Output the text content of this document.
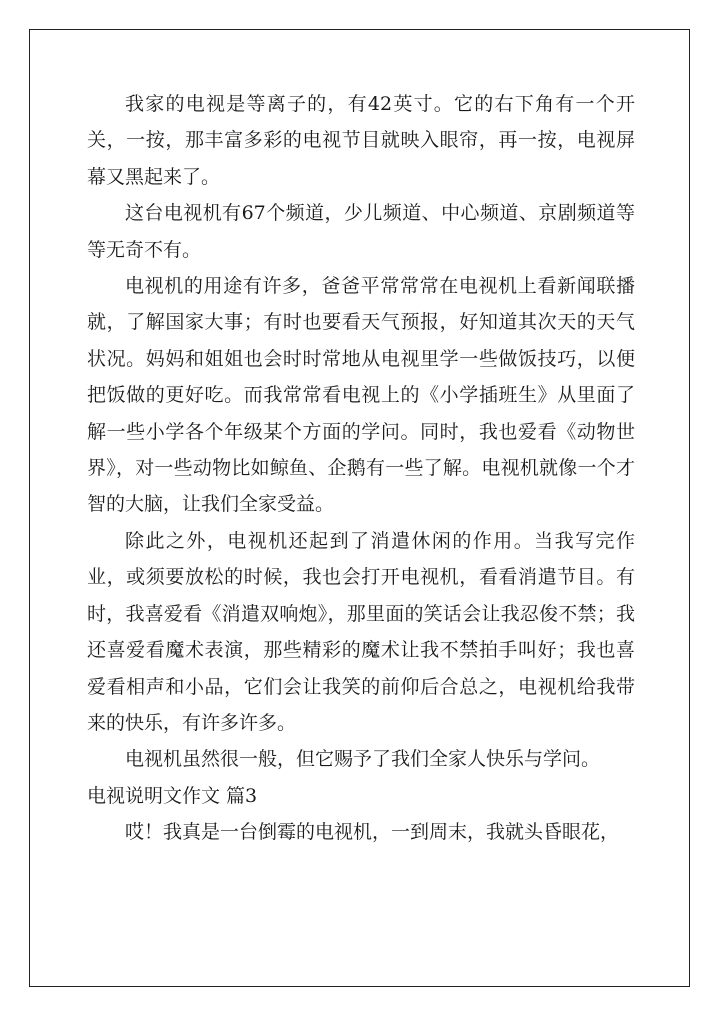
我家的电视是等离子的，有42英寸。它的右下角有一个开关，一按，那丰富多彩的电视节目就映入眼帘，再一按，电视屏幕又黑起来了。

这台电视机有67个频道，少儿频道、中心频道、京剧频道等等无奇不有。

电视机的用途有许多，爸爸平常常常在电视机上看新闻联播就，了解国家大事；有时也要看天气预报，好知道其次天的天气状况。妈妈和姐姐也会时时常地从电视里学一些做饭技巧，以便把饭做的更好吃。而我常常看电视上的《小学插班生》从里面了解一些小学各个年级某个方面的学问。同时，我也爱看《动物世界》，对一些动物比如鲸鱼、企鹅有一些了解。电视机就像一个才智的大脑，让我们全家受益。

除此之外，电视机还起到了消遣休闲的作用。当我写完作业，或须要放松的时候，我也会打开电视机，看看消遣节目。有时，我喜爱看《消遣双响炮》，那里面的笑话会让我忍俊不禁；我还喜爱看魔术表演，那些精彩的魔术让我不禁拍手叫好；我也喜爱看相声和小品，它们会让我笑的前仰后合总之，电视机给我带来的快乐，有许多许多。

电视机虽然很一般，但它赐予了我们全家人快乐与学问。

电视说明文作文 篇3

哎！我真是一台倒霉的电视机，一到周末，我就头昏眼花，
